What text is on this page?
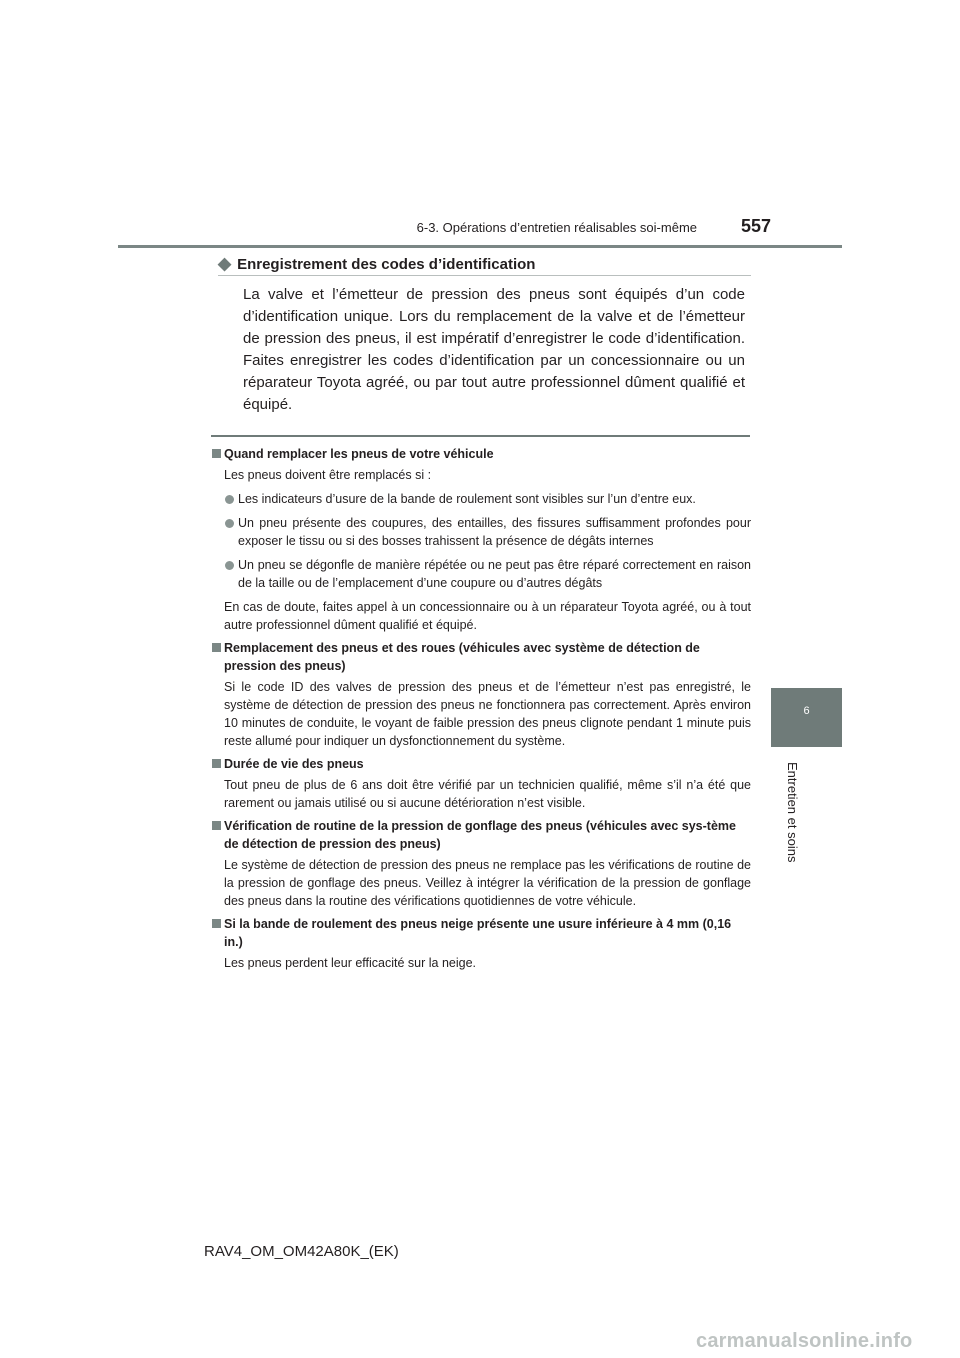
6-3. Opérations d’entretien réalisables soi-même 557
6
Entretien et soins
◆ Enregistrement des codes d’identification
La valve et l’émetteur de pression des pneus sont équipés d’un code d’identification unique. Lors du remplacement de la valve et de l’émetteur de pression des pneus, il est impératif d’enregistrer le code d’identification. Faites enregistrer les codes d’identification par un concessionnaire ou un réparateur Toyota agréé, ou par tout autre professionnel dûment qualifié et équipé.
Quand remplacer les pneus de votre véhicule
Les pneus doivent être remplacés si :
Les indicateurs d’usure de la bande de roulement sont visibles sur l’un d’entre eux.
Un pneu présente des coupures, des entailles, des fissures suffisamment profondes pour exposer le tissu ou si des bosses trahissent la présence de dégâts internes
Un pneu se dégonfle de manière répétée ou ne peut pas être réparé correctement en raison de la taille ou de l’emplacement d’une coupure ou d’autres dégâts
En cas de doute, faites appel à un concessionnaire ou à un réparateur Toyota agréé, ou à tout autre professionnel dûment qualifié et équipé.
Remplacement des pneus et des roues (véhicules avec système de détection de pression des pneus)
Si le code ID des valves de pression des pneus et de l’émetteur n’est pas enregistré, le système de détection de pression des pneus ne fonctionnera pas correctement. Après environ 10 minutes de conduite, le voyant de faible pression des pneus clignote pendant 1 minute puis reste allumé pour indiquer un dysfonctionnement du système.
Durée de vie des pneus
Tout pneu de plus de 6 ans doit être vérifié par un technicien qualifié, même s’il n’a été que rarement ou jamais utilisé ou si aucune détérioration n’est visible.
Vérification de routine de la pression de gonflage des pneus (véhicules avec sys-tème de détection de pression des pneus)
Le système de détection de pression des pneus ne remplace pas les vérifications de routine de la pression de gonflage des pneus. Veillez à intégrer la vérification de la pression de gonflage des pneus dans la routine des vérifications quotidiennes de votre véhicule.
Si la bande de roulement des pneus neige présente une usure inférieure à 4 mm (0,16 in.)
Les pneus perdent leur efficacité sur la neige.
RAV4_OM_OM42A80K_(EK)
carmanualsonline.info
